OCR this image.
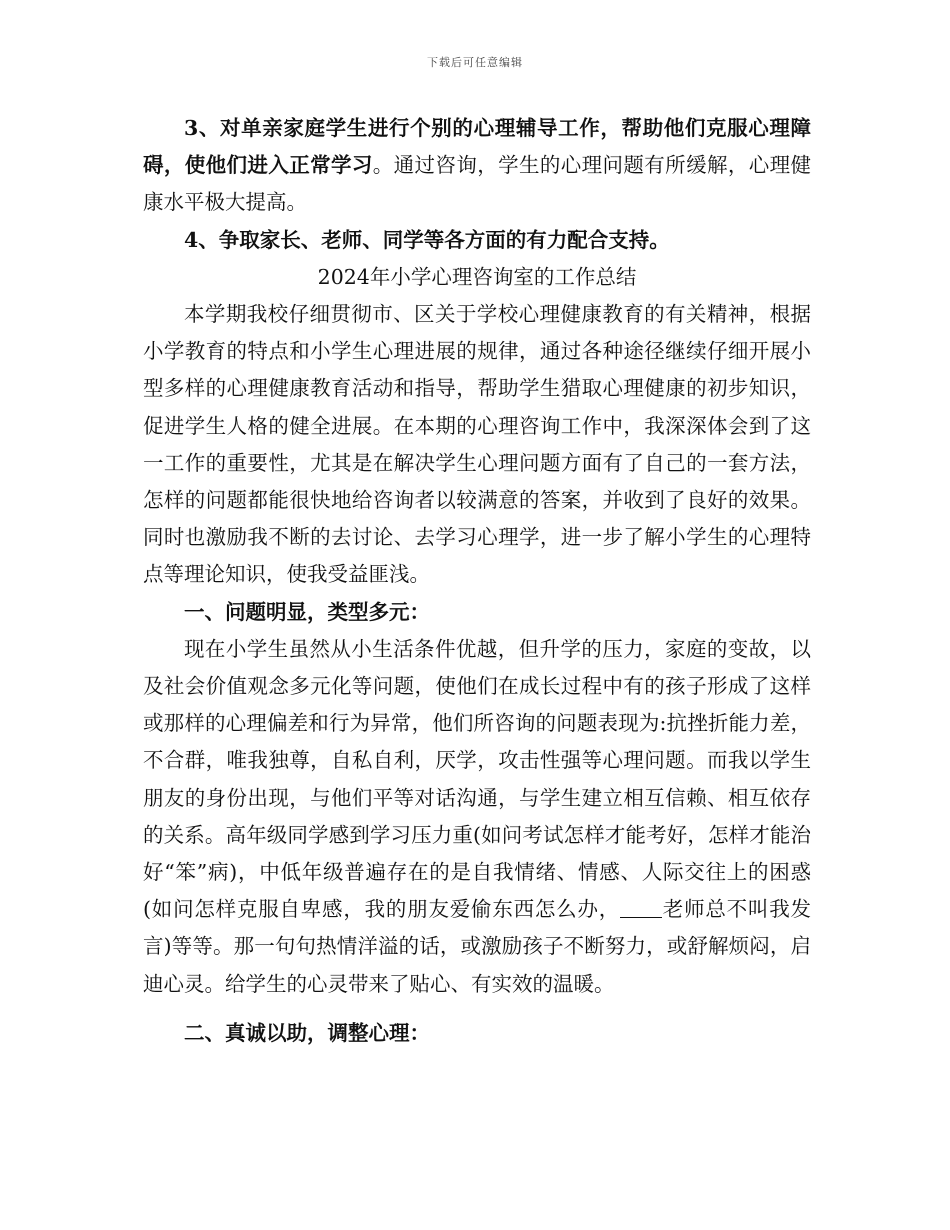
下载后可任意编辑

3、对单亲家庭学生进行个别的心理辅导工作，帮助他们克服心理障碍，使他们进入正常学习。通过咨询，学生的心理问题有所缓解，心理健康水平极大提高。

4、争取家长、老师、同学等各方面的有力配合支持。

2024年小学心理咨询室的工作总结

本学期我校仔细贯彻市、区关于学校心理健康教育的有关精神，根据小学教育的特点和小学生心理进展的规律，通过各种途径继续仔细开展小型多样的心理健康教育活动和指导，帮助学生猎取心理健康的初步知识，促进学生人格的健全进展。在本期的心理咨询工作中，我深深体会到了这一工作的重要性，尤其是在解决学生心理问题方面有了自己的一套方法，怎样的问题都能很快地给咨询者以较满意的答案，并收到了良好的效果。同时也激励我不断的去讨论、去学习心理学，进一步了解小学生的心理特点等理论知识，使我受益匪浅。

一、问题明显，类型多元：

现在小学生虽然从小生活条件优越，但升学的压力，家庭的变故，以及社会价值观念多元化等问题，使他们在成长过程中有的孩子形成了这样或那样的心理偏差和行为异常，他们所咨询的问题表现为:抗挫折能力差，不合群，唯我独尊，自私自利，厌学，攻击性强等心理问题。而我以学生朋友的身份出现，与他们平等对话沟通，与学生建立相互信赖、相互依存的关系。高年级同学感到学习压力重(如问考试怎样才能考好，怎样才能治好“笨”病)，中低年级普遍存在的是自我情绪、情感、人际交往上的困惑(如问怎样克服自卑感，我的朋友爱偷东西怎么办， 老师总不叫我发言)等等。那一句句热情洋溢的话，或激励孩子不断努力，或舒解烦闷，启迪心灵。给学生的心灵带来了贴心、有实效的温暖。

二、真诚以助，调整心理：
